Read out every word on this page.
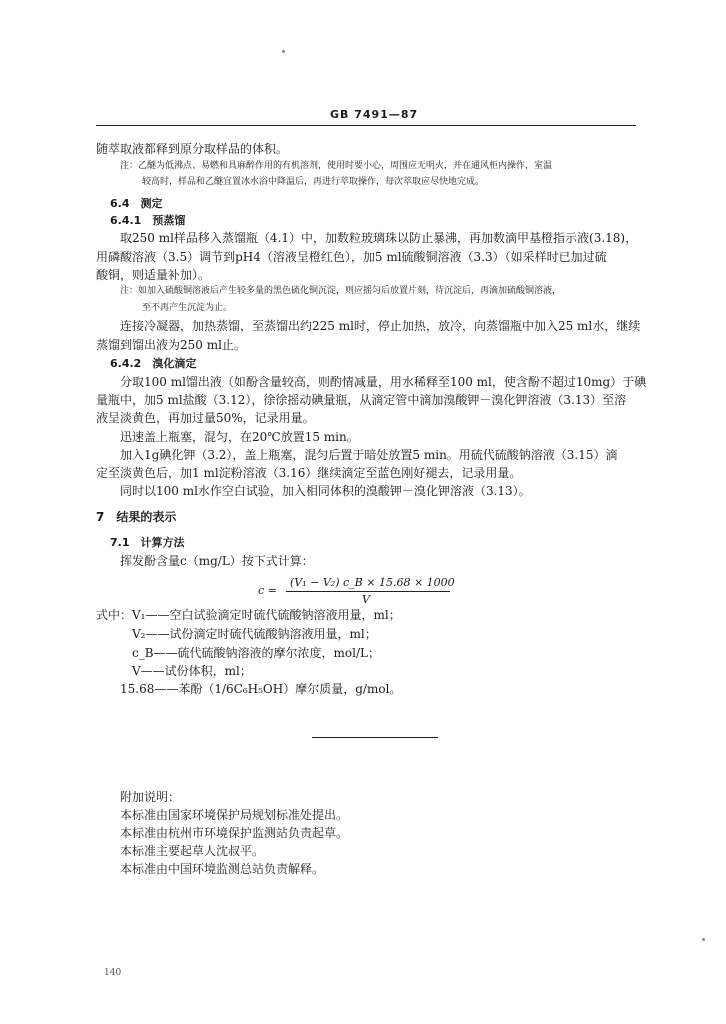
GB 7491—87
随萃取液都释到原分取样品的体积。
注：乙醚为低沸点、易燃和具麻醉作用的有机溶剂，使用时要小心，周围应无明火，并在通风柜内操作，室温
较高时，样品和乙醚宜置冰水浴中降温后，再进行萃取操作，每次萃取应尽快地完成。
6.4　测定
6.4.1　预蒸馏
取250 ml样品移入蒸馏瓶（4.1）中，加数粒玻璃珠以防止暴沸，再加数滴甲基橙指示液(3.18)，
用磷酸溶液（3.5）调节到pH4（溶液呈橙红色），加5 ml硫酸铜溶液（3.3）（如采样时已加过硫
酸铜，则适量补加）。
注：如加入硫酸铜溶液后产生较多量的黑色硫化铜沉淀，则应摇匀后放置片刻，待沉淀后，再滴加硫酸铜溶液，
至不再产生沉淀为止。
连接冷凝器，加热蒸馏，至蒸馏出约225 ml时，停止加热，放冷，向蒸馏瓶中加入25 ml水，继续
蒸馏到馏出液为250 ml止。
6.4.2　溴化滴定
分取100 ml馏出液（如酚含量较高，则酌情减量，用水稀释至100 ml，使含酚不超过10mg）于碘
量瓶中，加5 ml盐酸（3.12），徐徐摇动碘量瓶，从滴定管中滴加溴酸钾－溴化钾溶液（3.13）至溶
液呈淡黄色，再加过量50%，记录用量。
迅速盖上瓶塞，混匀，在20℃放置15 min。
加入1g碘化钾（3.2），盖上瓶塞，混匀后置于暗处放置5 min。用硫代硫酸钠溶液（3.15）滴
定至淡黄色后，加1 ml淀粉溶液（3.16）继续滴定至蓝色刚好褪去，记录用量。
同时以100 ml水作空白试验，加入相同体积的溴酸钾－溴化钾溶液（3.13）。
7　结果的表示
7.1　计算方法
挥发酚含量c（mg/L）按下式计算：
c =
(V₁ − V₂) c_B × 15.68 × 1000
V
式中：V₁——空白试验滴定时硫代硫酸钠溶液用量，ml；
V₂——试份滴定时硫代硫酸钠溶液用量，ml；
c_B——硫代硫酸钠溶液的摩尔浓度，mol/L；
V——试份体积，ml；
15.68——苯酚（1/6C₆H₅OH）摩尔质量，g/mol。
附加说明：
本标准由国家环境保护局规划标准处提出。
本标准由杭州市环境保护监测站负责起草。
本标准主要起草人沈叔平。
本标准由中国环境监测总站负责解释。
140
